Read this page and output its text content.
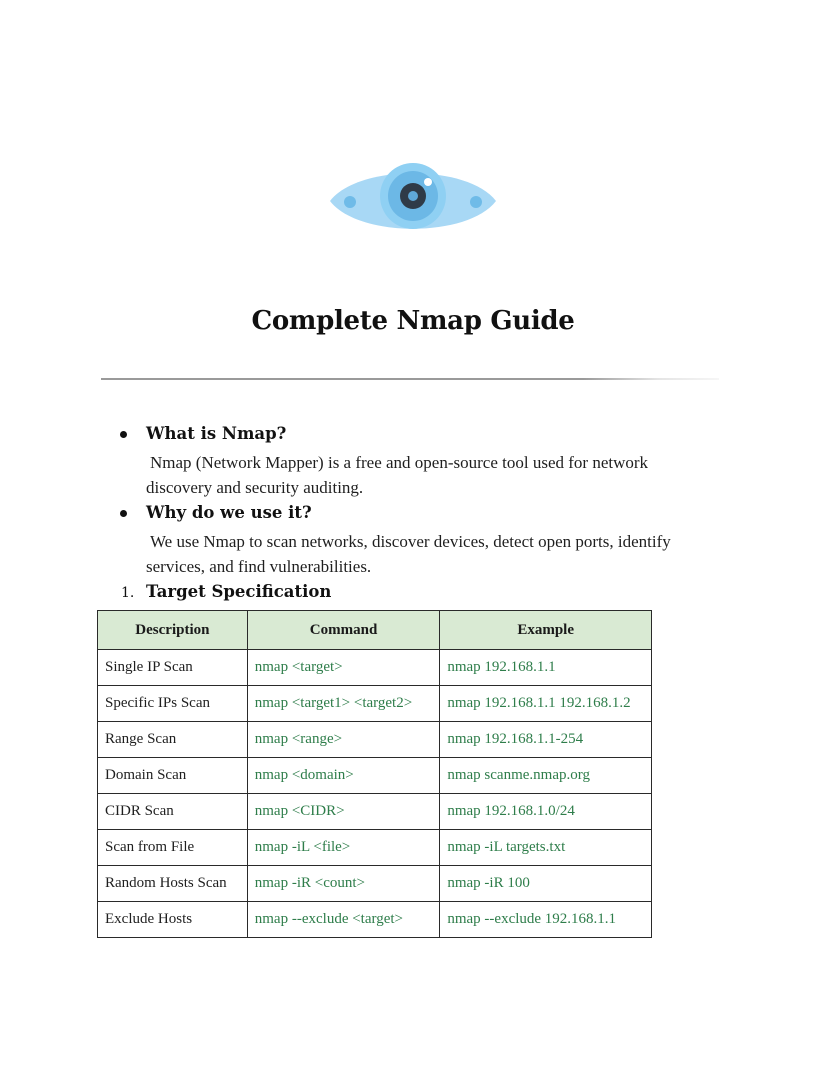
Complete Nmap Guide
What is Nmap?
Nmap (Network Mapper) is a free and open-source tool used for network
discovery and security auditing.
Why do we use it?
We use Nmap to scan networks, discover devices, detect open ports, identify
services, and find vulnerabilities.
1. Target Specification
Description	Command	Example
Single IP Scan	nmap <target>	nmap 192.168.1.1
Specific IPs Scan	nmap <target1> <target2>	nmap 192.168.1.1 192.168.1.2
Range Scan	nmap <range>	nmap 192.168.1.1-254
Domain Scan	nmap <domain>	nmap scanme.nmap.org
CIDR Scan	nmap <CIDR>	nmap 192.168.1.0/24
Scan from File	nmap -iL <file>	nmap -iL targets.txt
Random Hosts Scan	nmap -iR <count>	nmap -iR 100
Exclude Hosts	nmap --exclude <target>	nmap --exclude 192.168.1.1
